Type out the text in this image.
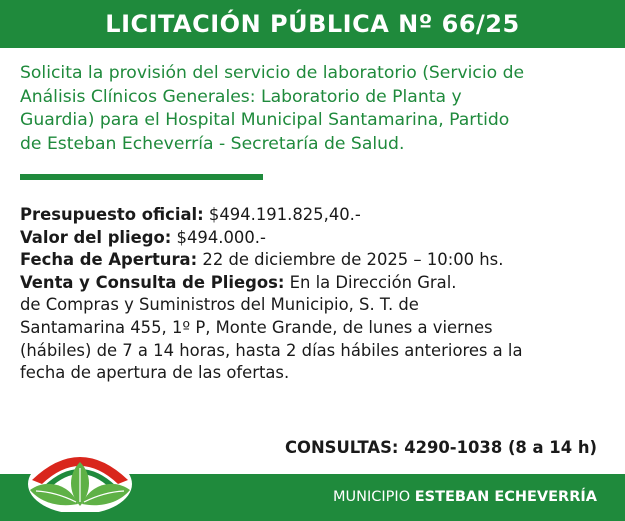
LICITACIÓN PÚBLICA Nº 66/25
Solicita la provisión del servicio de laboratorio (Servicio de
Análisis Clínicos Generales: Laboratorio de Planta y
Guardia) para el Hospital Municipal Santamarina, Partido
de Esteban Echeverría - Secretaría de Salud.
Presupuesto oficial: $494.191.825,40.-
Valor del pliego: $494.000.-
Fecha de Apertura: 22 de diciembre de 2025 – 10:00 hs.
Venta y Consulta de Pliegos: En la Dirección Gral.
de Compras y Suministros del Municipio, S. T. de
Santamarina 455, 1º P, Monte Grande, de lunes a viernes
(hábiles) de 7 a 14 horas, hasta 2 días hábiles anteriores a la
fecha de apertura de las ofertas.
CONSULTAS: 4290-1038 (8 a 14 h)
MUNICIPIO ESTEBAN ECHEVERRÍA
